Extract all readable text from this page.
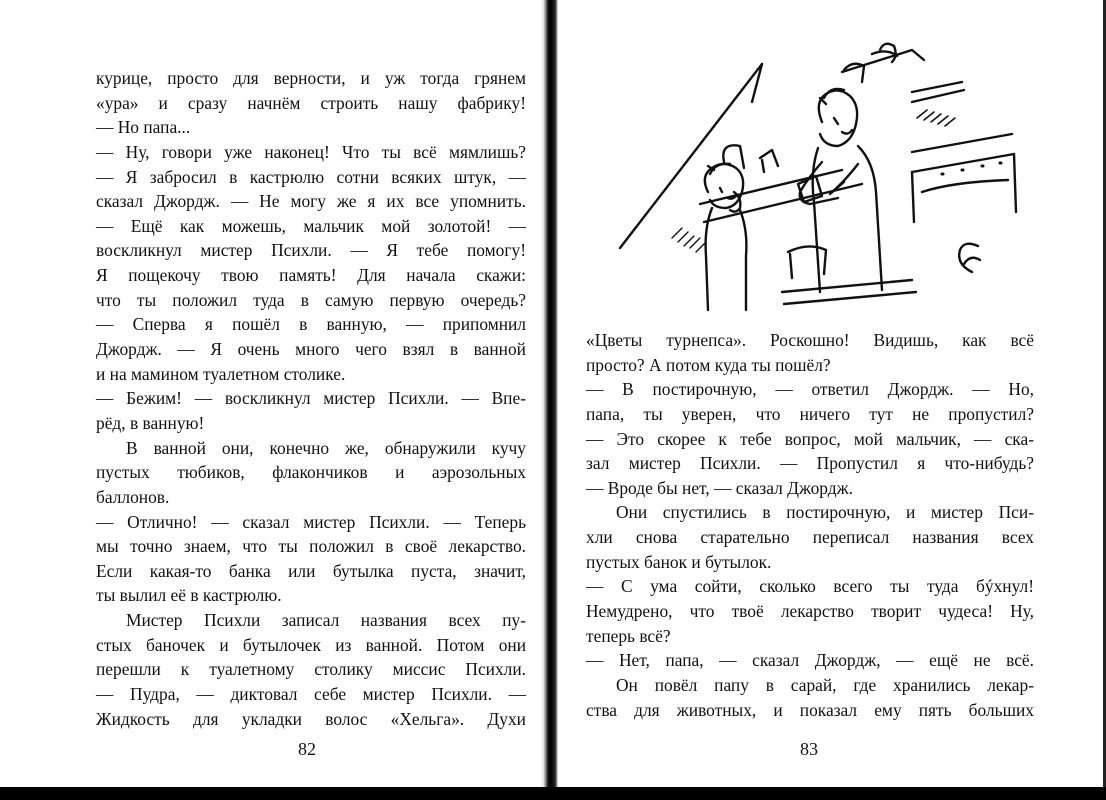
курице, просто для верности, и уж тогда грянем
«ура» и сразу начнём строить нашу фабрику!
— Но папа...
— Ну, говори уже наконец! Что ты всё мямлишь?
— Я забросил в кастрюлю сотни всяких штук, —
сказал Джордж. — Не могу же я их все упомнить.
— Ещё как можешь, мальчик мой золотой! —
воскликнул мистер Психли. — Я тебе помогу!
Я пощекочу твою память! Для начала скажи:
что ты положил туда в самую первую очередь?
— Сперва я пошёл в ванную, — припомнил
Джордж. — Я очень много чего взял в ванной
и на мамином туалетном столике.
— Бежим! — воскликнул мистер Психли. — Впе-
рёд, в ванную!
В ванной они, конечно же, обнаружили кучу
пустых тюбиков, флакончиков и аэрозольных
баллонов.
— Отлично! — сказал мистер Психли. — Теперь
мы точно знаем, что ты положил в своё лекарство.
Если какая-то банка или бутылка пуста, значит,
ты вылил её в кастрюлю.
Мистер Психли записал названия всех пу-
стых баночек и бутылочек из ванной. Потом они
перешли к туалетному столику миссис Психли.
— Пудра, — диктовал себе мистер Психли. —
Жидкость для укладки волос «Хельга». Духи
82
«Цветы турнепса». Роскошно! Видишь, как всё
просто? А потом куда ты пошёл?
— В постирочную, — ответил Джордж. — Но,
папа, ты уверен, что ничего тут не пропустил?
— Это скорее к тебе вопрос, мой мальчик, — ска-
зал мистер Психли. — Пропустил я что-нибудь?
— Вроде бы нет, — сказал Джордж.
Они спустились в постирочную, и мистер Пси-
хли снова старательно переписал названия всех
пустых банок и бутылок.
— С ума сойти, сколько всего ты туда бýхнул!
Немудрено, что твоё лекарство творит чудеса! Ну,
теперь всё?
— Нет, папа, — сказал Джордж, — ещё не всё.
Он повёл папу в сарай, где хранились лекар-
ства для животных, и показал ему пять больших
83
